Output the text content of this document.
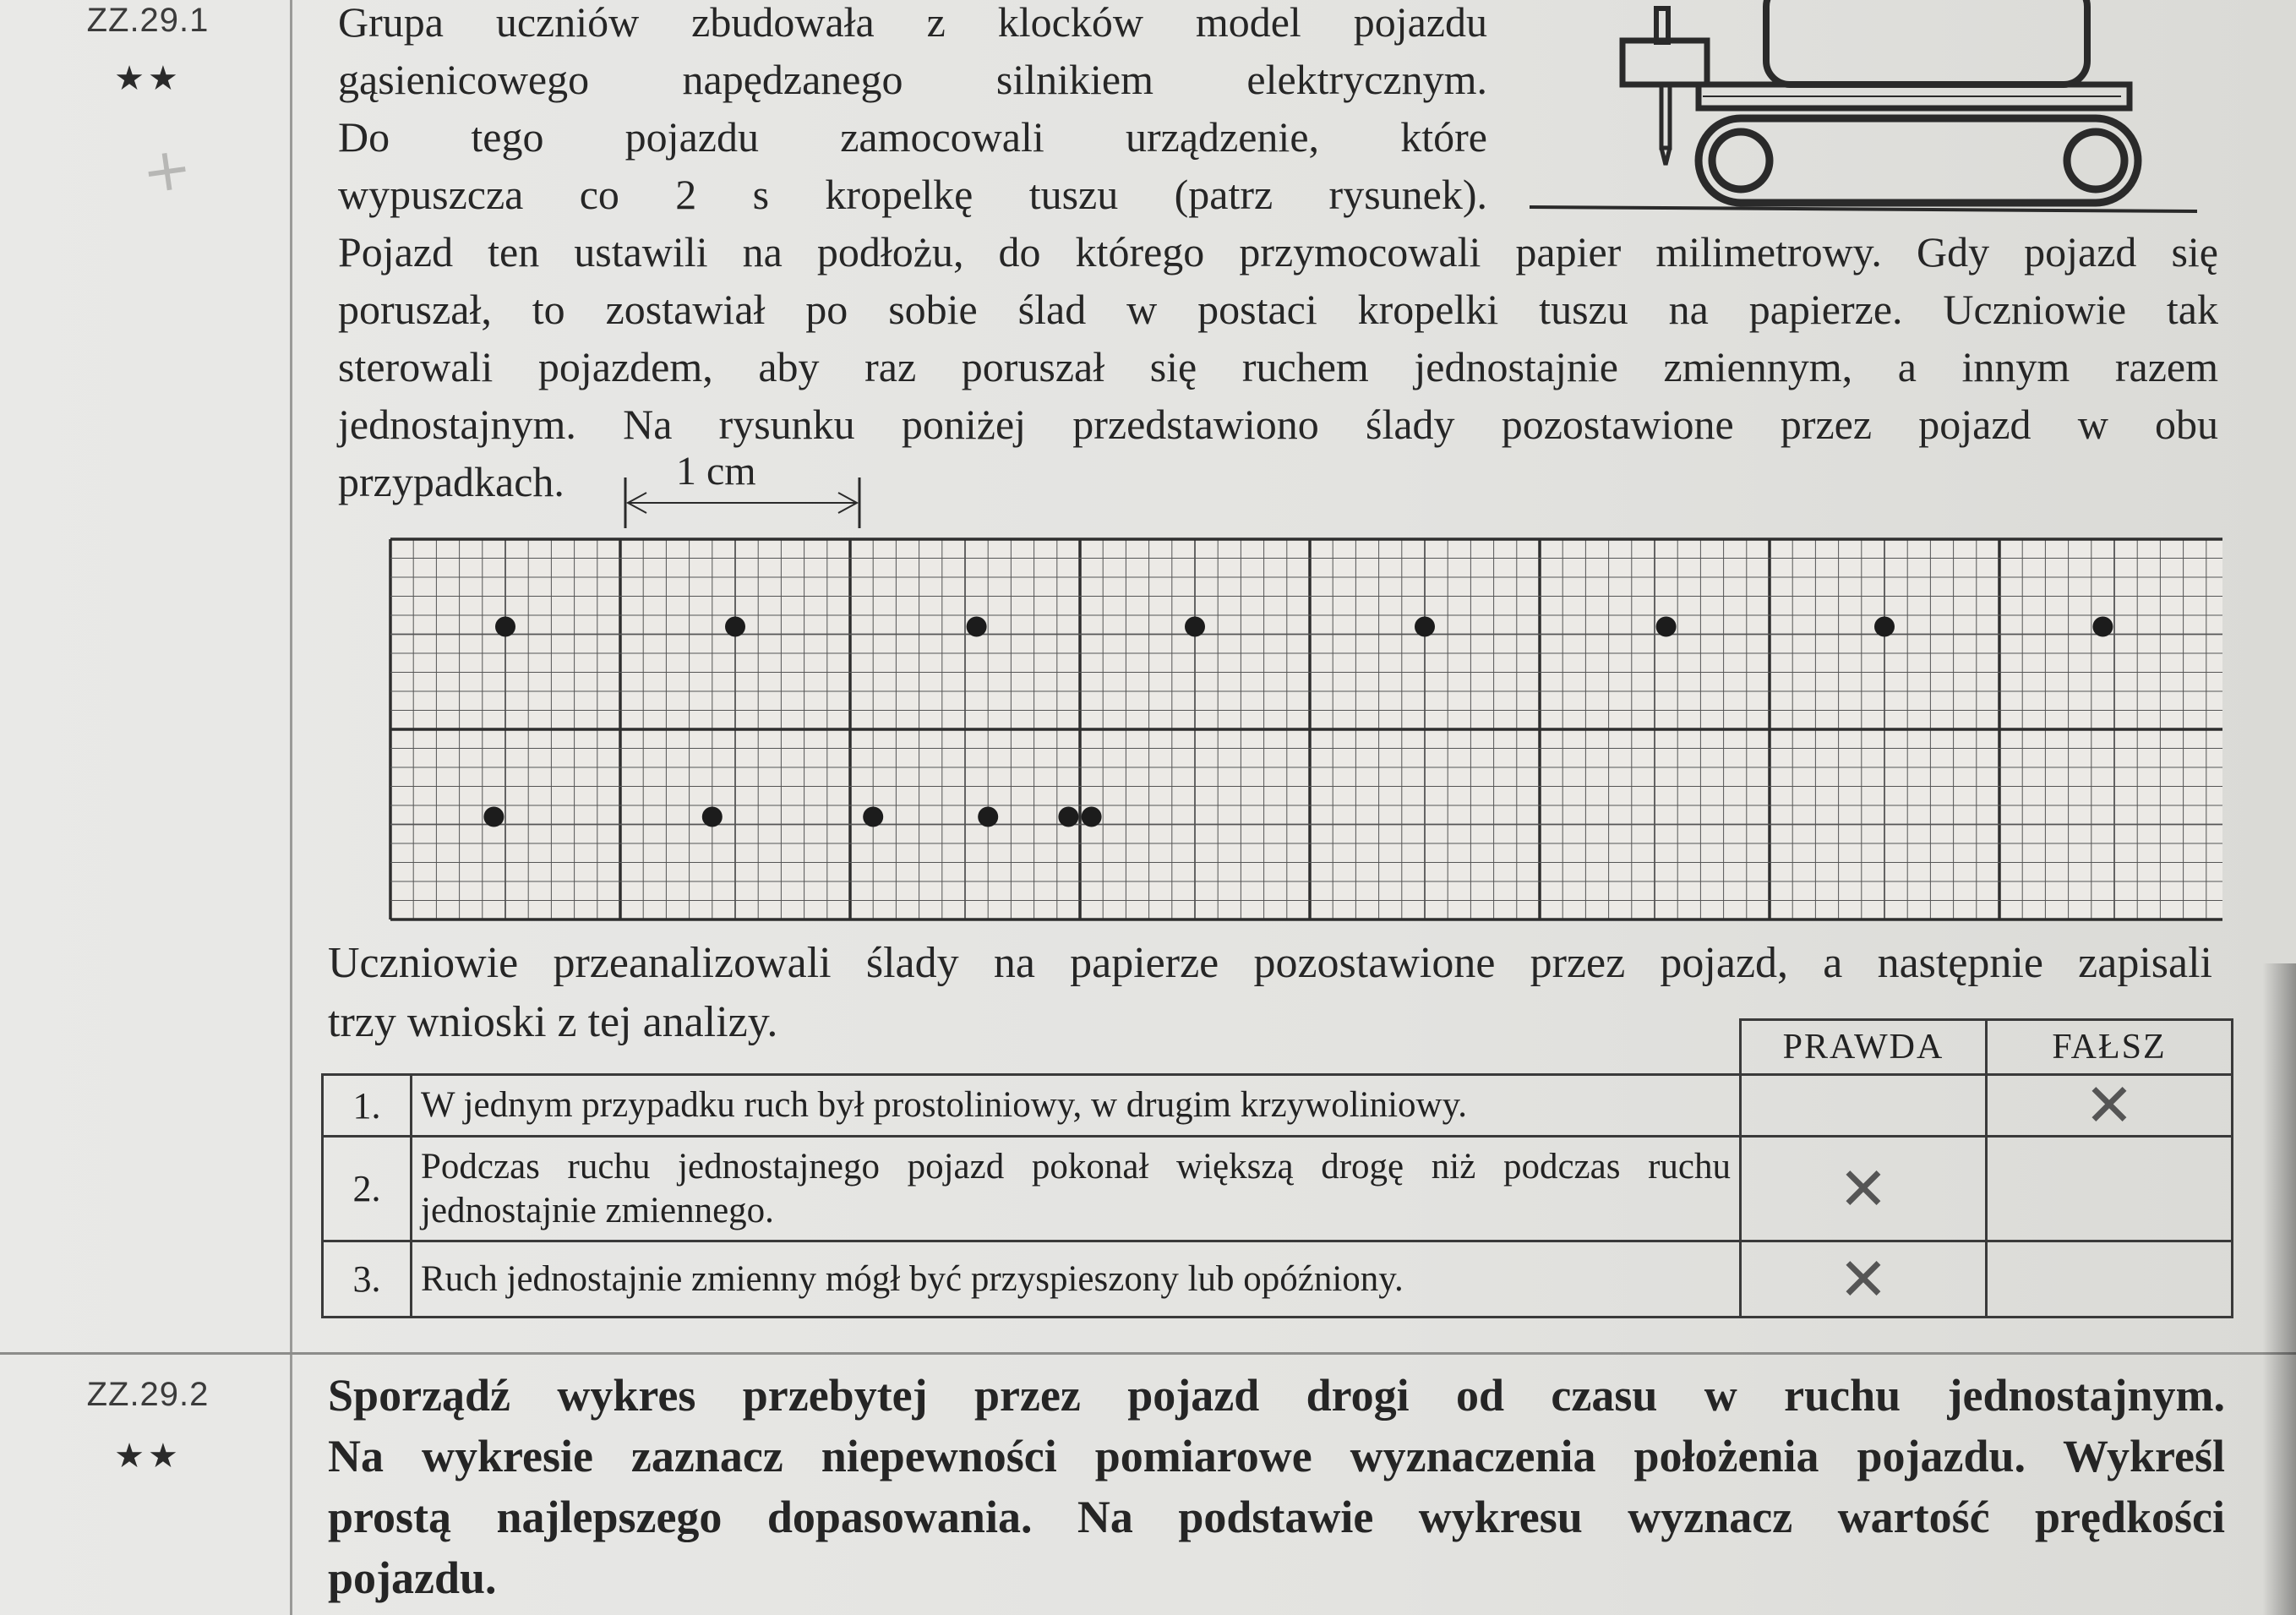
ZZ.29.1
★★
+

Grupa uczniów zbudowała z klocków model pojazdu

gąsienicowego napędzanego silnikiem elektrycznym.

Do tego pojazdu zamocowali urządzenie, które

wypuszcza co 2 s kropelkę tuszu (patrz rysunek).

Pojazd ten ustawili na podłożu, do którego przymocowali papier milimetrowy. Gdy pojazd się

poruszał, to zostawiał po sobie ślad w postaci kropelki tuszu na papierze. Uczniowie tak

sterowali pojazdem, aby raz poruszał się ruchem jednostajnie zmiennym, a innym razem

jednostajnym. Na rysunku poniżej przedstawiono ślady pozostawione przez pojazd w obu

przypadkach.	1 cm
Uczniowie przeanalizowali ślady na papierze pozostawione przez pojazd, a następnie zapisali
trzy wnioski z tej analizy.
		PRAWDA	FAŁSZ
1.	W jednym przypadku ruch był prostoliniowy, w drugim krzywoliniowy.		✕
2.	Podczas ruchu jednostajnego pojazd pokonał większą drogę niż podczas ruchu jednostajnie zmiennego.	✕	
3.	Ruch jednostajnie zmienny mógł być przyspieszony lub opóźniony.	✕	
ZZ.29.2
★★

Sporządź wykres przebytej przez pojazd drogi od czasu w ruchu jednostajnym.

Na wykresie zaznacz niepewności pomiarowe wyznaczenia położenia pojazdu. Wykreśl

prostą najlepszego dopasowania. Na podstawie wykresu wyznacz wartość prędkości

pojazdu.
